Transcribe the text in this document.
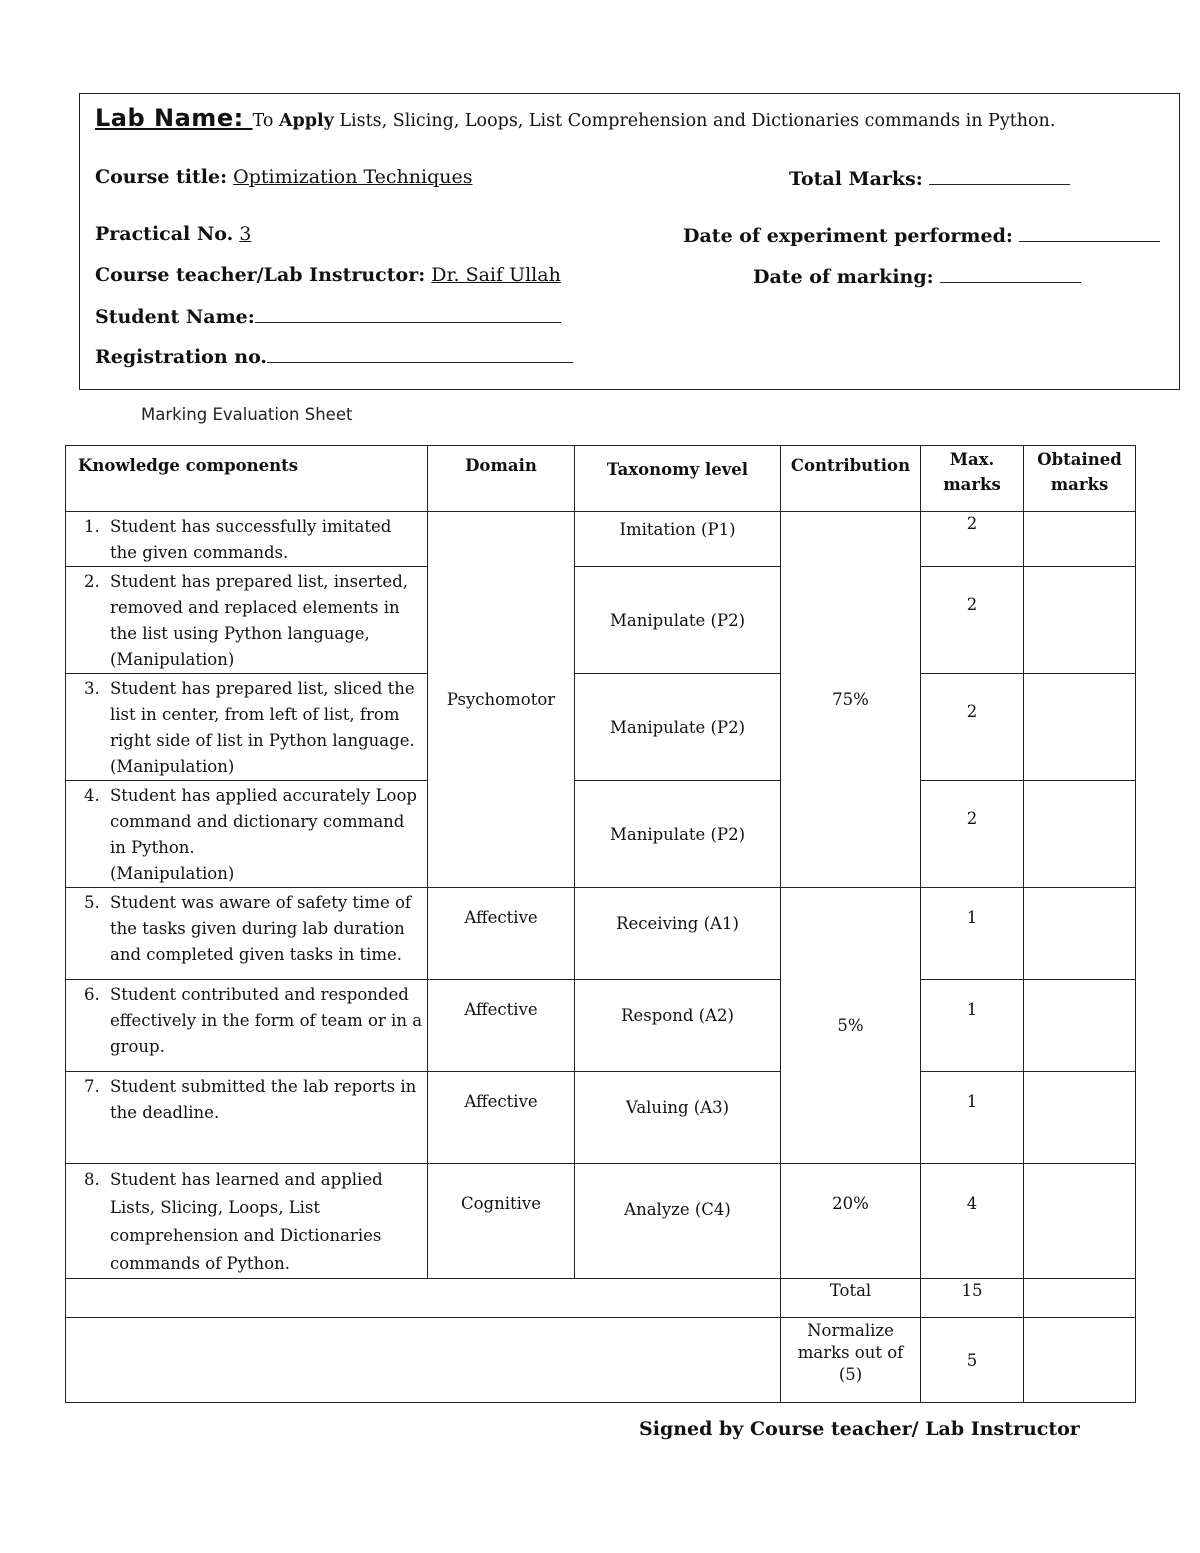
Lab Name: To Apply Lists, Slicing, Loops, List Comprehension and Dictionaries commands in Python.
Course title: Optimization Techniques	Total Marks:
Practical No. 3	Date of experiment performed:
Course teacher/Lab Instructor: Dr. Saif Ullah	Date of marking:
Student Name:
Registration no.
Marking Evaluation Sheet
Knowledge components	Domain	Taxonomy level	Contribution	Max. marks	Obtained marks

1. Student has successfully imitated the given commands.	Psychomotor	Imitation (P1)	75%	2	

2. Student has prepared list, inserted, removed and replaced elements in the list using Python language, (Manipulation)		Manipulate (P2)		2	

3. Student has prepared list, sliced the list in center, from left of list, from right side of list in Python language. (Manipulation)		Manipulate (P2)		2	

4. Student has applied accurately Loop command and dictionary command in Python.
(Manipulation)		Manipulate (P2)		2	

5. Student was aware of safety time of the tasks given during lab duration and completed given tasks in time.	Affective	Receiving (A1)	5%	1	

6. Student contributed and responded effectively in the form of team or in a group.	Affective	Respond (A2)		1	

7. Student submitted the lab reports in the deadline.	Affective	Valuing (A3)		1	

8. Student has learned and applied Lists, Slicing, Loops, List comprehension and Dictionaries commands of Python.	Cognitive	Analyze (C4)	20%	4	
			Total	15	
			Normalize marks out of (5)	5	
Signed by Course teacher/ Lab Instructor
